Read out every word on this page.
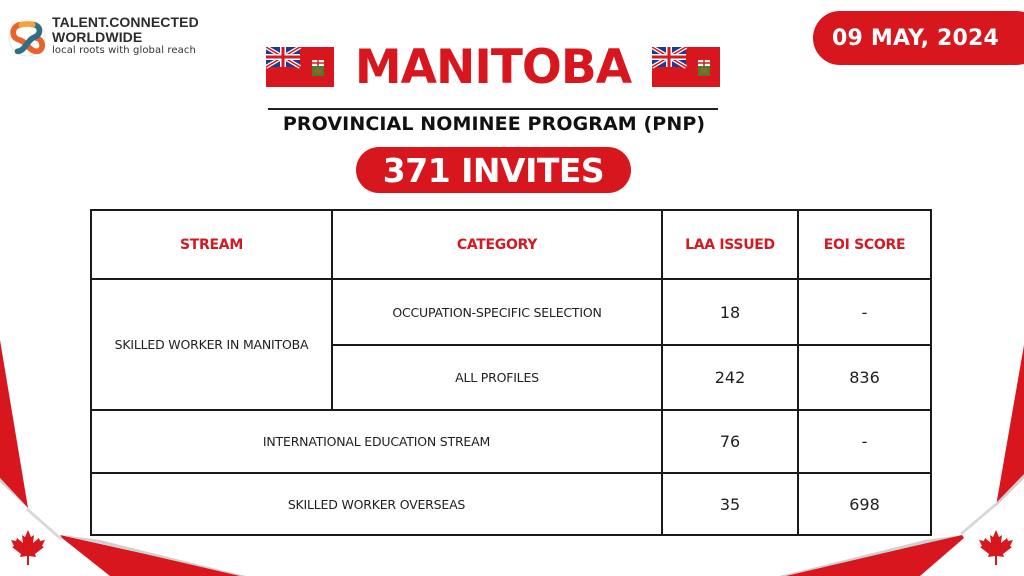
TALENT.CONNECTED
WORLDWIDE
local roots with global reach	09 MAY, 2024
MANITOBA
PROVINCIAL NOMINEE PROGRAM (PNP)
371 INVITES
STREAM	CATEGORY	LAA ISSUED	EOI SCORE
SKILLED WORKER IN MANITOBA	OCCUPATION-SPECIFIC SELECTION	18	-
	ALL PROFILES	242	836
INTERNATIONAL EDUCATION STREAM		76	-
SKILLED WORKER OVERSEAS		35	698
